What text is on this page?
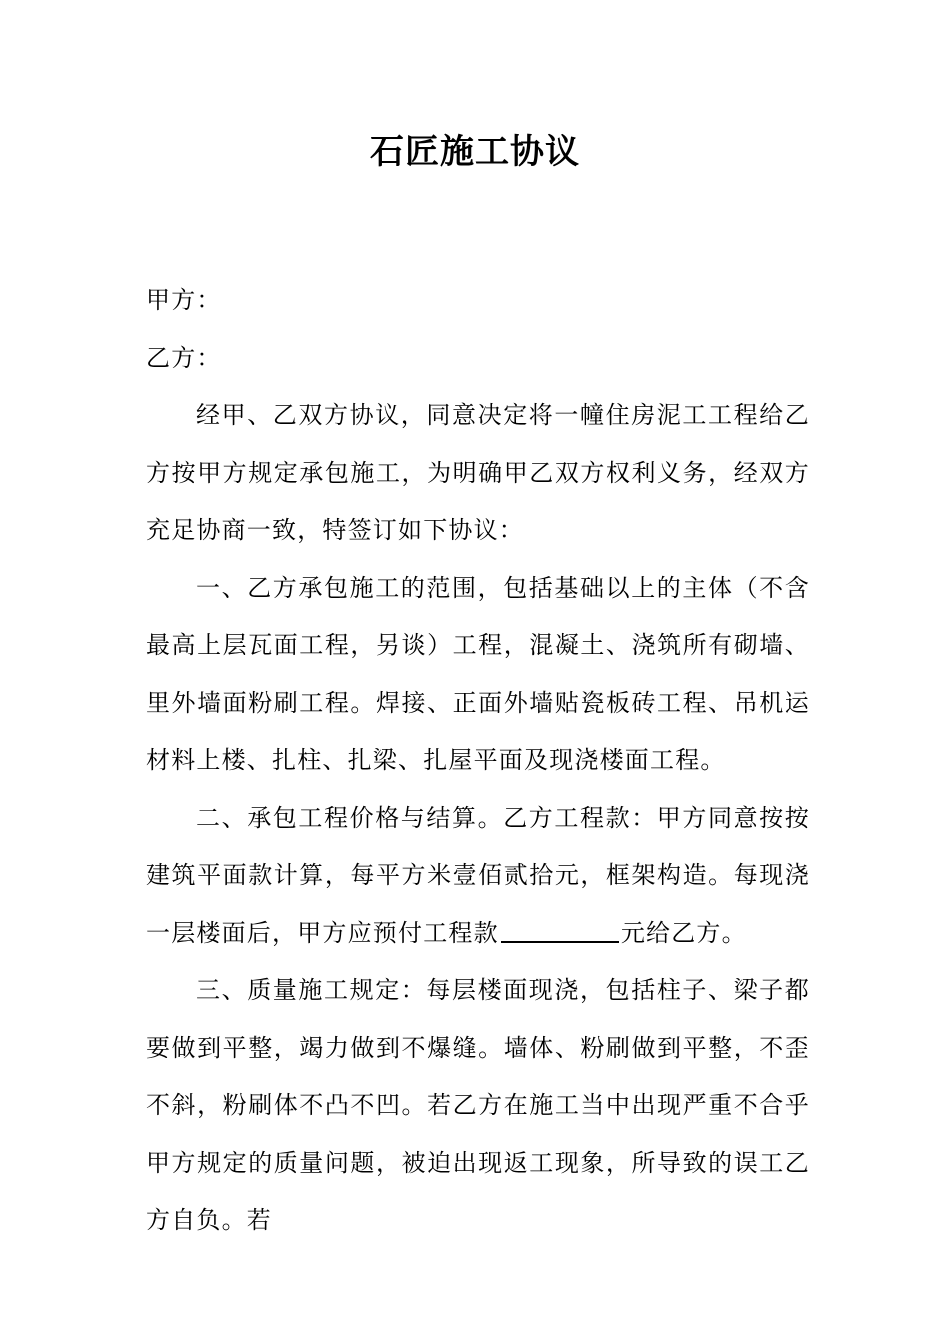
石匠施工协议

甲方：

乙方：

经甲、乙双方协议，同意决定将一幢住房泥工工程给乙方按甲方规定承包施工，为明确甲乙双方权利义务，经双方充足协商一致，特签订如下协议：

一、乙方承包施工的范围，包括基础以上的主体（不含最高上层瓦面工程，另谈）工程，混凝土、浇筑所有砌墙、里外墙面粉刷工程。焊接、正面外墙贴瓷板砖工程、吊机运材料上楼、扎柱、扎梁、扎屋平面及现浇楼面工程。

二、承包工程价格与结算。乙方工程款：甲方同意按按建筑平面款计算，每平方米壹佰贰拾元，框架构造。每现浇一层楼面后，甲方应预付工程款	元给乙方。

三、质量施工规定：每层楼面现浇，包括柱子、梁子都要做到平整，竭力做到不爆缝。墙体、粉刷做到平整，不歪不斜，粉刷体不凸不凹。若乙方在施工当中出现严重不合乎甲方规定的质量问题，被迫出现返工现象，所导致的误工乙方自负。若
